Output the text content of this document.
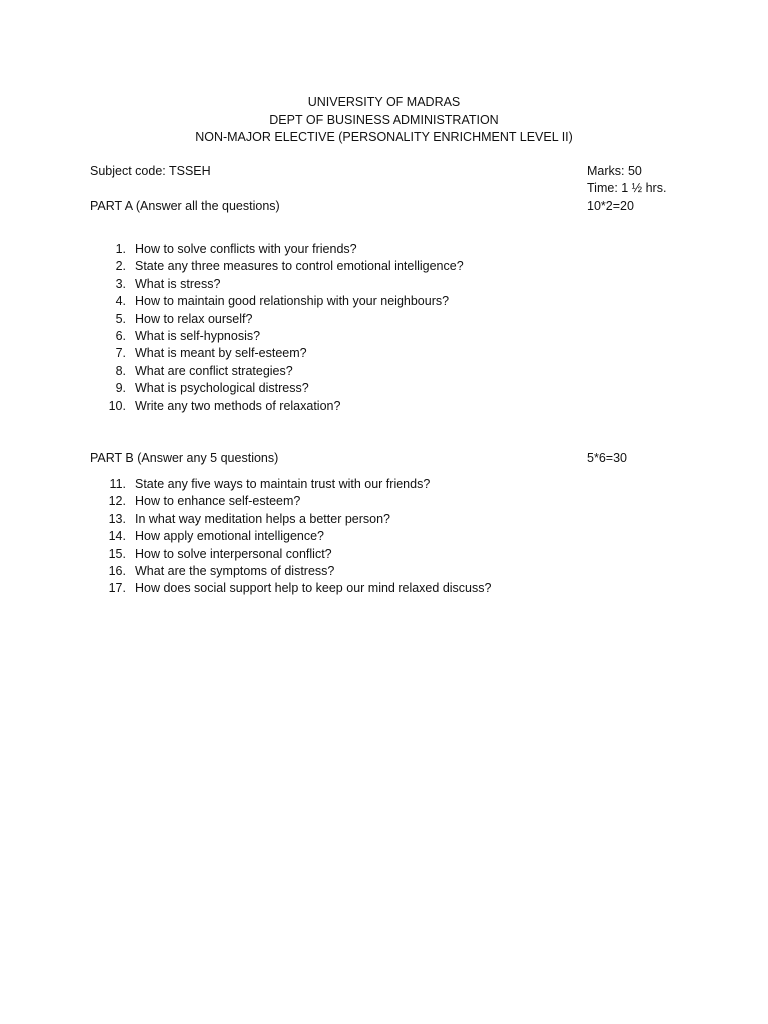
UNIVERSITY OF MADRAS
DEPT OF BUSINESS ADMINISTRATION
NON-MAJOR ELECTIVE (PERSONALITY ENRICHMENT LEVEL II)
Subject code: TSSEH	Marks: 50
Time: 1 ½ hrs.
PART A (Answer all the questions)	10*2=20
1. How to solve conflicts with your friends?
2. State any three measures to control emotional intelligence?
3. What is stress?
4. How to maintain good relationship with your neighbours?
5. How to relax ourself?
6. What is self-hypnosis?
7. What is meant by self-esteem?
8. What are conflict strategies?
9. What is psychological distress?
10. Write any two methods of relaxation?
PART B (Answer any 5 questions)	5*6=30
11. State any five ways to maintain trust with our friends?
12. How to enhance self-esteem?
13. In what way meditation helps a better person?
14. How apply emotional intelligence?
15. How to solve interpersonal conflict?
16. What are the symptoms of distress?
17. How does social support help to keep our mind relaxed discuss?
